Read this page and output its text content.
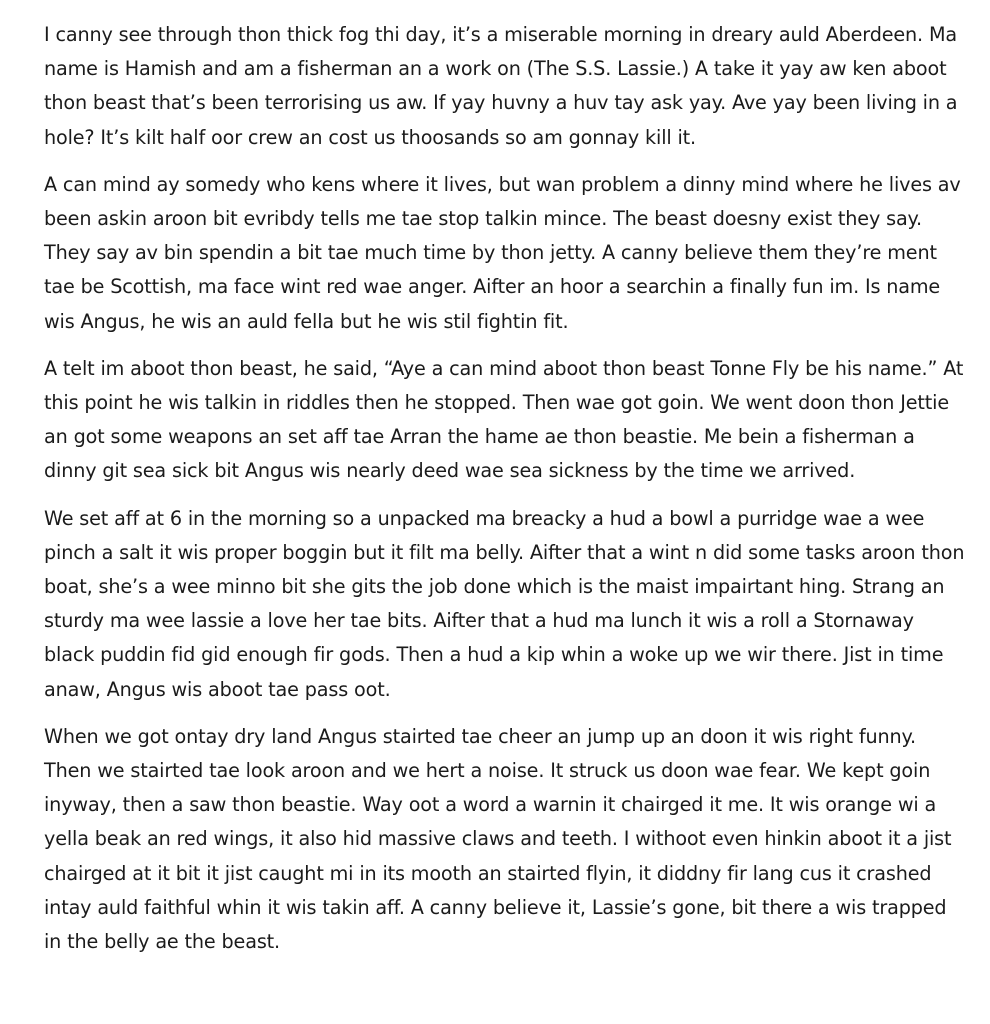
I canny see through thon thick fog thi day, it’s a miserable morning in dreary auld Aberdeen. Ma name is Hamish and am a fisherman an a work on (The S.S. Lassie.) A take it yay aw ken aboot thon beast that’s been terrorising us aw. If yay huvny a huv tay ask yay. Ave yay been living in a hole? It’s kilt half oor crew an cost us thoosands so am gonnay kill it.

A can mind ay somedy who kens where it lives, but wan problem a dinny mind where he lives av been askin aroon bit evribdy tells me tae stop talkin mince. The beast doesny exist they say. They say av bin spendin a bit tae much time by thon jetty. A canny believe them they’re ment tae be Scottish, ma face wint red wae anger. Aifter an hoor a searchin a finally fun im. Is name wis Angus, he wis an auld fella but he wis stil fightin fit.

A telt im aboot thon beast, he said, “Aye a can mind aboot thon beast Tonne Fly be his name.” At this point he wis talkin in riddles then he stopped. Then wae got goin. We went doon thon Jettie an got some weapons an set aff tae Arran the hame ae thon beastie. Me bein a fisherman a dinny git sea sick bit Angus wis nearly deed wae sea sickness by the time we arrived.

We set aff at 6 in the morning so a unpacked ma breacky a hud a bowl a purridge wae a wee pinch a salt it wis proper boggin but it filt ma belly. Aifter that a wint n did some tasks aroon thon boat, she’s a wee minno bit she gits the job done which is the maist impairtant hing. Strang an sturdy ma wee lassie a love her tae bits. Aifter that a hud ma lunch it wis a roll a Stornaway black puddin fid gid enough fir gods. Then a hud a kip whin a woke up we wir there. Jist in time anaw, Angus wis aboot tae pass oot.

When we got ontay dry land Angus stairted tae cheer an jump up an doon it wis right funny. Then we stairted tae look aroon and we hert a noise. It struck us doon wae fear. We kept goin inyway, then a saw thon beastie. Way oot a word a warnin it chairged it me. It wis orange wi a yella beak an red wings, it also hid massive claws and teeth. I withoot even hinkin aboot it a jist chairged at it bit it jist caught mi in its mooth an stairted flyin, it diddny fir lang cus it crashed intay auld faithful whin it wis takin aff. A canny believe it, Lassie’s gone, bit there a wis trapped in the belly ae the beast.
